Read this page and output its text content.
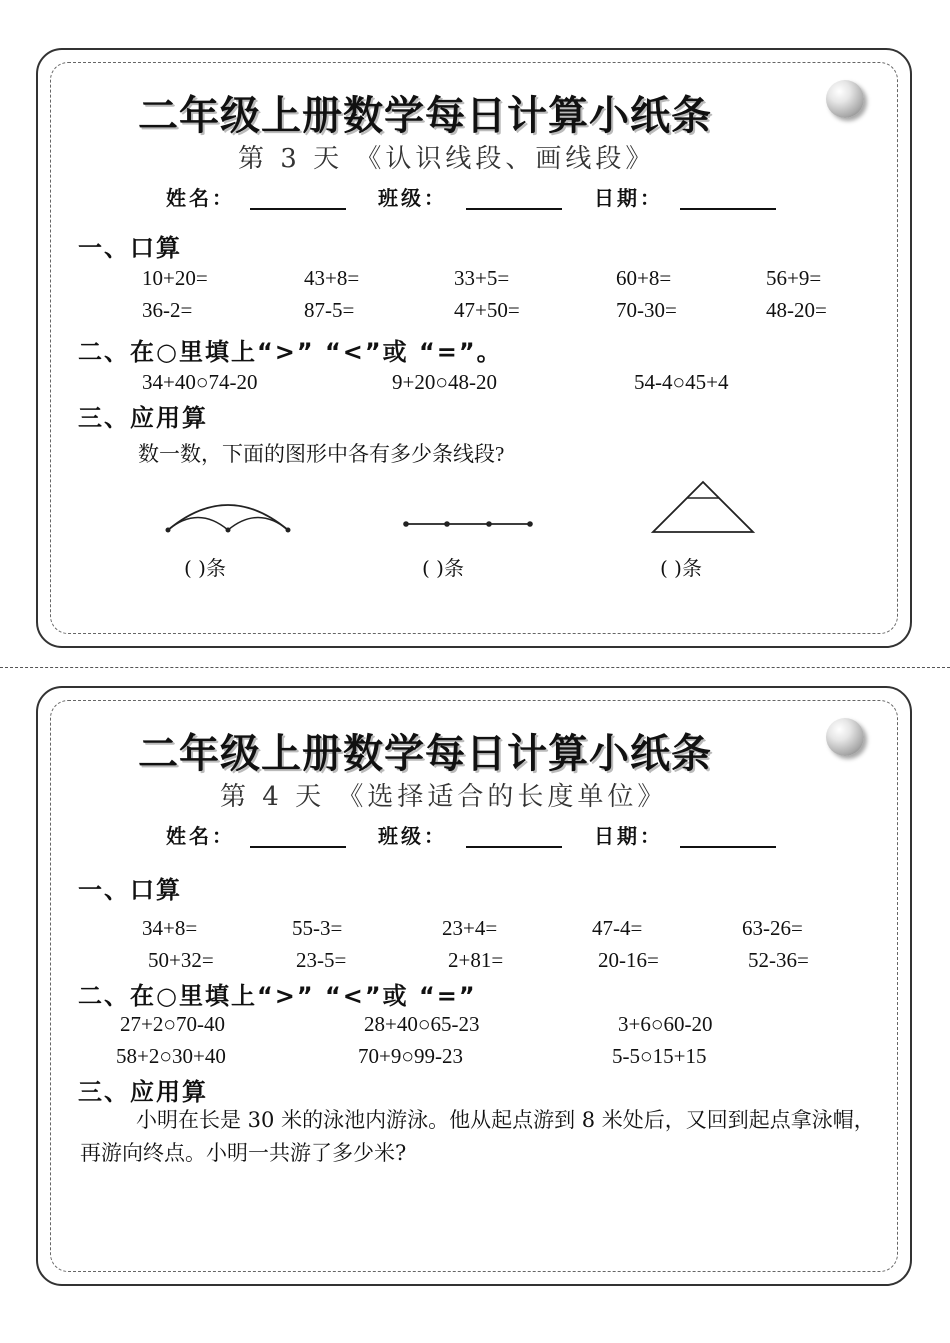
二年级上册数学每日计算小纸条
第 3 天 《认识线段、画线段》
姓名：	班级：	日期：
一、口算
10+20=	43+8=	33+5=	60+8=	56+9=
36-2=	87-5=	47+50=	70-30=	48-20=
二、在○里填上“>” “<”或 “=”。
34+40○74-20	9+20○48-20	54-4○45+4
三、应用算
数一数，下面的图形中各有多少条线段?
( )条	( )条	( )条
二年级上册数学每日计算小纸条
第 4 天 《选择适合的长度单位》
姓名：	班级：	日期：
一、口算
34+8=	55-3=	23+4=	47-4=	63-26=
50+32=	23-5=	2+81=	20-16=	52-36=
二、在○里填上“>” “<”或 “=”
27+2○70-40	28+40○65-23	3+6○60-20
58+2○30+40	70+9○99-23	5-5○15+15
三、应用算
小明在长是 30 米的泳池内游泳。他从起点游到 8 米处后，又回到起点拿泳帽，再游向终点。小明一共游了多少米?
